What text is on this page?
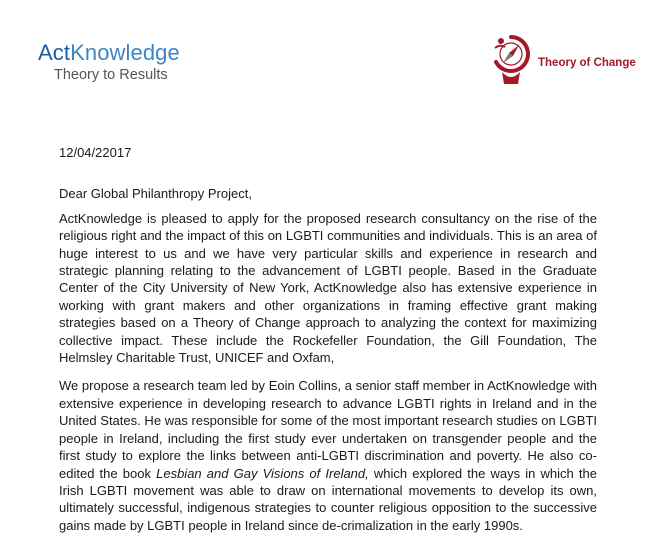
ActKnowledge
Theory to Results
Theory of Change

12/04/22017

Dear Global Philanthropy Project,

ActKnowledge is pleased to apply for the proposed research consultancy on the rise of the religious right and the impact of this on LGBTI communities and individuals. This is an area of huge interest to us and we have very particular skills and experience in research and strategic planning relating to the advancement of LGBTI people. Based in the Graduate Center of the City University of New York, ActKnowledge also has extensive experience in working with grant makers and other organizations in framing effective grant making strategies based on a Theory of Change approach to analyzing the context for maximizing collective impact. These include the Rockefeller Foundation, the Gill Foundation, The Helmsley Charitable Trust, UNICEF and Oxfam,

We propose a research team led by Eoin Collins, a senior staff member in ActKnowledge with extensive experience in developing research to advance LGBTI rights in Ireland and in the United States. He was responsible for some of the most important research studies on LGBTI people in Ireland, including the first study ever undertaken on transgender people and the first study to explore the links between anti-LGBTI discrimination and poverty. He also co-edited the book Lesbian and Gay Visions of Ireland, which explored the ways in which the Irish LGBTI movement was able to draw on international movements to develop its own, ultimately successful, indigenous strategies to counter religious opposition to the successive gains made by LGBTI people in Ireland since de-crimalization in the early 1990s.
